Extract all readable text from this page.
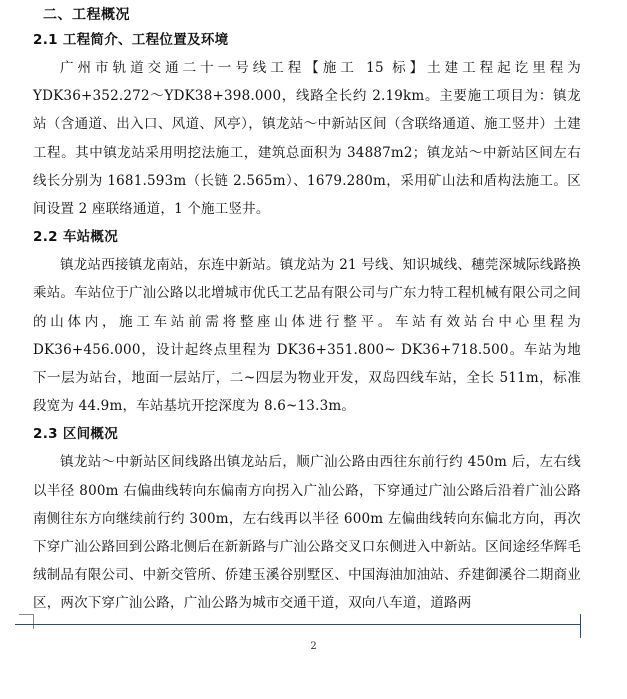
二、工程概况
2.1 工程简介、工程位置及环境

广州市轨道交通二十一号线工程【施工 15 标】土建工程起讫里程为 YDK36+352.272～YDK38+398.000，线路全长约 2.19km。主要施工项目为：镇龙站（含通道、出入口、风道、风亭），镇龙站～中新站区间（含联络通道、施工竖井）土建工程。其中镇龙站采用明挖法施工，建筑总面积为 34887m2；镇龙站～中新站区间左右线长分别为 1681.593m（长链 2.565m）、1679.280m，采用矿山法和盾构法施工。区间设置 2 座联络通道，1 个施工竖井。

2.2 车站概况

镇龙站西接镇龙南站，东连中新站。镇龙站为 21 号线、知识城线、穗莞深城际线路换乘站。车站位于广汕公路以北增城市优氏工艺品有限公司与广东力特工程机械有限公司之间的山体内，施工车站前需将整座山体进行整平。车站有效站台中心里程为 DK36+456.000，设计起终点里程为 DK36+351.800~ DK36+718.500。车站为地下一层为站台，地面一层站厅，二~四层为物业开发，双岛四线车站，全长 511m，标准段宽为 44.9m，车站基坑开挖深度为 8.6~13.3m。

2.3 区间概况

镇龙站～中新站区间线路出镇龙站后，顺广汕公路由西往东前行约 450m 后，左右线以半径 800m 右偏曲线转向东偏南方向拐入广汕公路，下穿通过广汕公路后沿着广汕公路南侧往东方向继续前行约 300m，左右线再以半径 600m 左偏曲线转向东偏北方向，再次下穿广汕公路回到公路北侧后在新新路与广汕公路交叉口东侧进入中新站。区间途经华辉毛绒制品有限公司、中新交管所、侨建玉溪谷别墅区、中国海油加油站、乔建御溪谷二期商业区，两次下穿广汕公路，广汕公路为城市交通干道，双向八车道，道路两

2
